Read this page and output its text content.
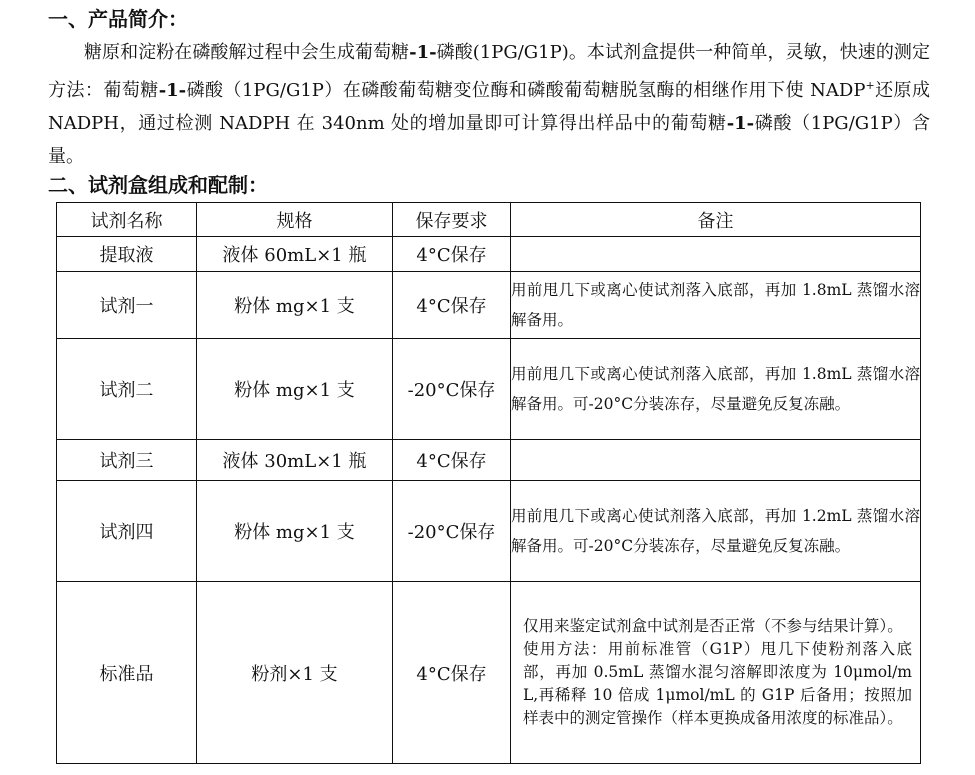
一、产品简介：

糖原和淀粉在磷酸解过程中会生成葡萄糖-1-磷酸(1PG/G1P)。本试剂盒提供一种简单，灵敏，快速的测定方法：葡萄糖-1-磷酸（1PG/G1P）在磷酸葡萄糖变位酶和磷酸葡萄糖脱氢酶的相继作用下使 NADP+还原成 NADPH，通过检测 NADPH 在 340nm 处的增加量即可计算得出样品中的葡萄糖-1-磷酸（1PG/G1P）含量。

二、试剂盒组成和配制：
试剂名称	规格	保存要求	备注
提取液	液体 60mL×1 瓶	4°C保存	
试剂一	粉体 mg×1 支	4°C保存	用前甩几下或离心使试剂落入底部，再加 1.8mL 蒸馏水溶解备用。
试剂二	粉体 mg×1 支	-20°C保存	用前甩几下或离心使试剂落入底部，再加 1.8mL 蒸馏水溶解备用。可-20°C分装冻存，尽量避免反复冻融。
试剂三	液体 30mL×1 瓶	4°C保存	
试剂四	粉体 mg×1 支	-20°C保存	用前甩几下或离心使试剂落入底部，再加 1.2mL 蒸馏水溶解备用。可-20°C分装冻存，尽量避免反复冻融。
标准品	粉剂×1 支	4°C保存	仅用来鉴定试剂盒中试剂是否正常（不参与结果计算）。

使用方法：用前标准管（G1P）甩几下使粉剂落入底部，再加 0.5mL 蒸馏水混匀溶解即浓度为 10μmol/mL,再稀释 10 倍成 1μmol/mL 的 G1P 后备用；按照加样表中的测定管操作（样本更换成备用浓度的标准品）。
